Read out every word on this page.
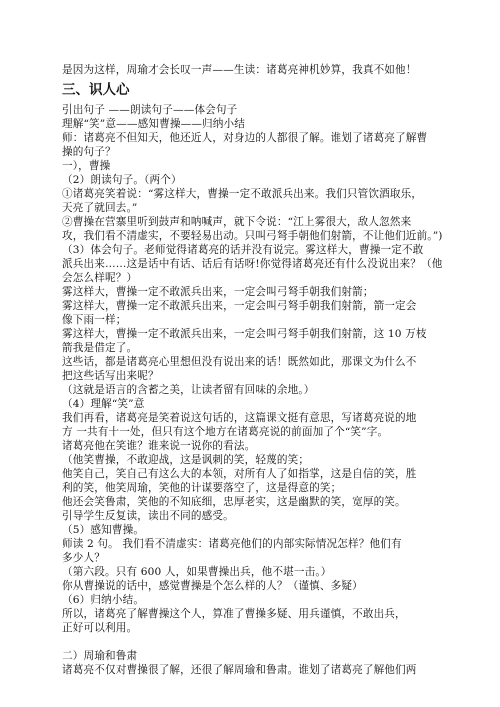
是因为这样，周瑜才会长叹一声——生读：诸葛亮神机妙算，我真不如他！
三、识人心
引出句子 ——朗读句子——体会句子
理解“笑”意——感知曹操——归纳小结
师：诸葛亮不但知天，他还近人，对身边的人都很了解。谁划了诸葛亮了解曹
操的句子？
一），曹操
（2）朗读句子。（两个）
①诸葛亮笑着说：“雾这样大，曹操一定不敢派兵出来。我们只管饮酒取乐，
天亮了就回去。”
②曹操在营寨里听到鼓声和呐喊声，就下令说：“江上雾很大，敌人忽然来
攻，我们看不清虚实，不要轻易出动。只叫弓弩手朝他们射箭，不让他们近前。”)
（3）体会句子。老师觉得诸葛亮的话并没有说完。雾这样大，曹操一定不敢
派兵出来……这是话中有话、话后有话呀!你觉得诸葛亮还有什么没说出来？（他
会怎么样呢？）
雾这样大，曹操一定不敢派兵出来，一定会叫弓弩手朝我们射箭；
雾这样大，曹操一定不敢派兵出来，一定会叫弓弩手朝我们射箭，箭一定会
像下雨一样；
雾这样大，曹操一定不敢派兵出来，一定会叫弓弩手朝我们射箭，这 10 万枝
箭我是借定了。
这些话，都是诸葛亮心里想但没有说出来的话！既然如此，那课文为什么不
把这些话写出来呢？
（这就是语言的含蓄之美，让读者留有回味的余地。）
（4）理解“笑”意
我们再看，诸葛亮是笑着说这句话的，这篇课文挺有意思，写诸葛亮说的地
方 一共有十一处，但只有这个地方在诸葛亮说的前面加了个“笑”字。
诸葛亮他在笑谁？谁来说一说你的看法。
（他笑曹操，不敢迎战，这是讽刺的笑，轻蔑的笑；
他笑自己，笑自己有这么大的本领，对所有人了如指掌，这是自信的笑，胜
利的笑，他笑周瑜，笑他的计谋要落空了，这是得意的笑；
他还会笑鲁肃，笑他的不知底细，忠厚老实，这是幽默的笑，宽厚的笑。
引导学生反复读，读出不同的感受。
（5）感知曹操。
师读 2 句。 我们看不清虚实：诸葛亮他们的内部实际情况怎样？他们有
多少人？
（第六段。只有 600 人，如果曹操出兵，他不堪一击。）
你从曹操说的话中，感觉曹操是个怎么样的人？（谨慎、多疑）
（6）归纳小结。
所以，诸葛亮了解曹操这个人，算准了曹操多疑、用兵谨慎，不敢出兵，
正好可以利用。
二）周瑜和鲁肃
诸葛亮不仅对曹操很了解，还很了解周瑜和鲁肃。谁划了诸葛亮了解他们两
